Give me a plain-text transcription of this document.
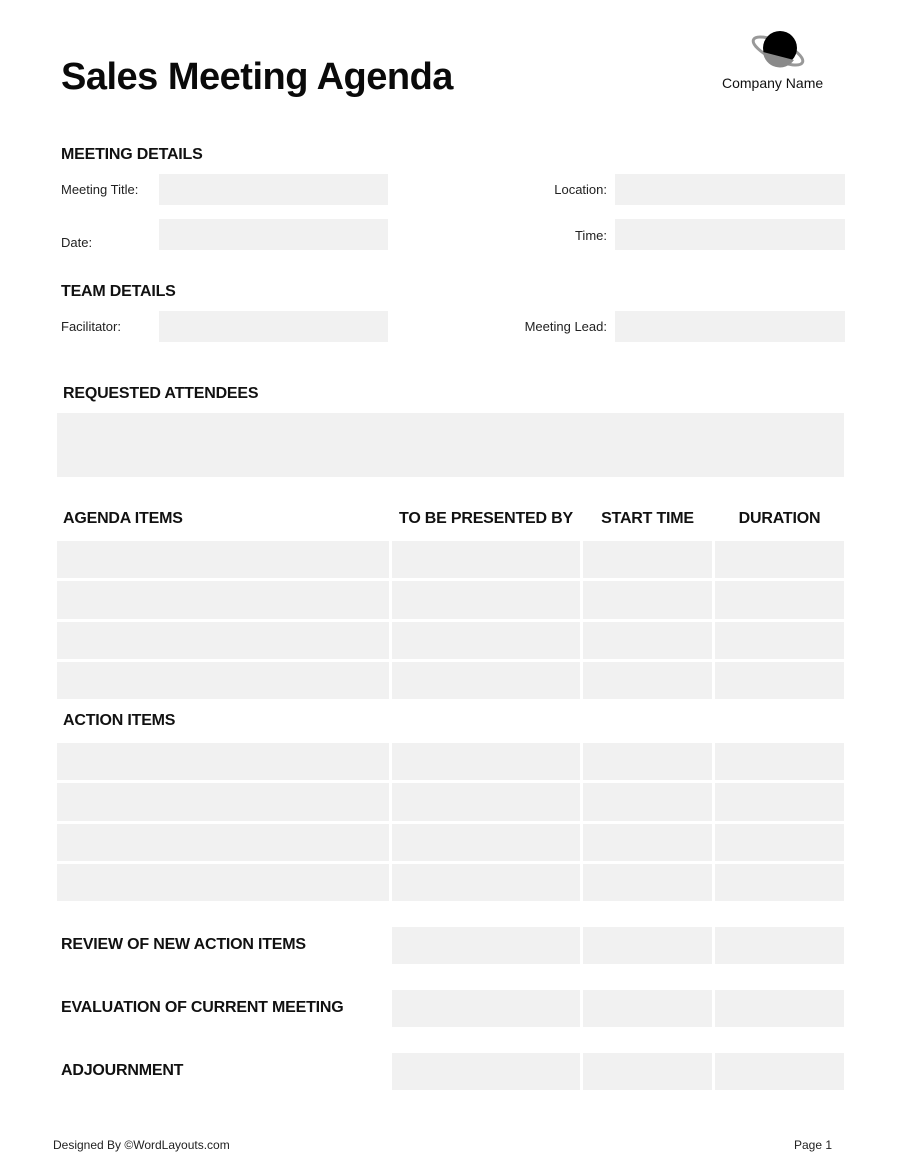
Sales Meeting Agenda	Company Name
MEETING DETAILS
Meeting Title:	Location:
Date:	Time:
TEAM DETAILS
Facilitator:	Meeting Lead:
REQUESTED ATTENDEES
AGENDA ITEMS	TO BE PRESENTED BY	START TIME	DURATION
ACTION ITEMS
REVIEW OF NEW ACTION ITEMS
EVALUATION OF CURRENT MEETING
ADJOURNMENT
Designed By ©WordLayouts.com	Page 1
